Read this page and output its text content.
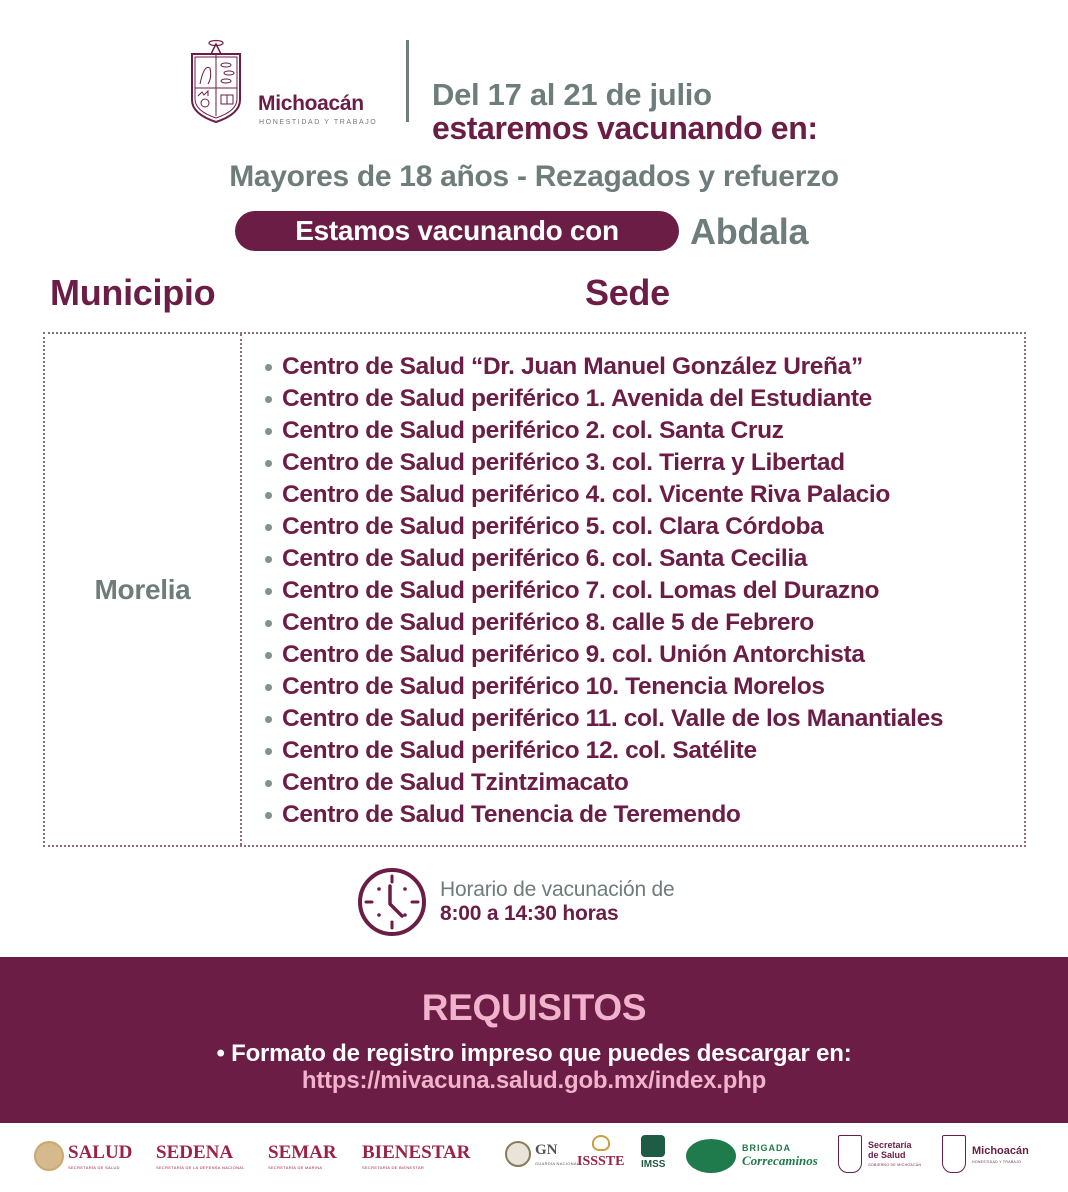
Michoacán
HONESTIDAD Y TRABAJO
Del 17 al 21 de julio
estaremos vacunando en:
Mayores de 18 años - Rezagados y refuerzo
Estamos vacunando con	Abdala
Municipio	Sede
Morelia
Centro de Salud “Dr. Juan Manuel González Ureña”
Centro de Salud periférico 1. Avenida del Estudiante
Centro de Salud periférico 2. col. Santa Cruz
Centro de Salud periférico 3. col. Tierra y Libertad
Centro de Salud periférico 4. col. Vicente Riva Palacio
Centro de Salud periférico 5. col. Clara Córdoba
Centro de Salud periférico 6. col. Santa Cecilia
Centro de Salud periférico 7. col. Lomas del Durazno
Centro de Salud periférico 8. calle 5 de Febrero
Centro de Salud periférico 9. col. Unión Antorchista
Centro de Salud periférico 10. Tenencia Morelos
Centro de Salud periférico 11. col. Valle de los Manantiales
Centro de Salud periférico 12. col. Satélite
Centro de Salud Tzintzimacato
Centro de Salud Tenencia de Teremendo
Horario de vacunación de
8:00 a 14:30 horas
REQUISITOS
• Formato de registro impreso que puedes descargar en:
https://mivacuna.salud.gob.mx/index.php
SALUD
SECRETARÍA DE SALUD
SEDENA
SECRETARÍA DE LA DEFENSA NACIONAL
SEMAR
SECRETARÍA DE MARINA
BIENESTAR
SECRETARÍA DE BIENESTAR
GN
GUARDIA NACIONAL
ISSSTE IMSS
BRIGADA
Correcaminos
Secretaría de Salud
GOBIERNO DE MICHOACÁN
Michoacán
HONESTIDAD Y TRABAJO
